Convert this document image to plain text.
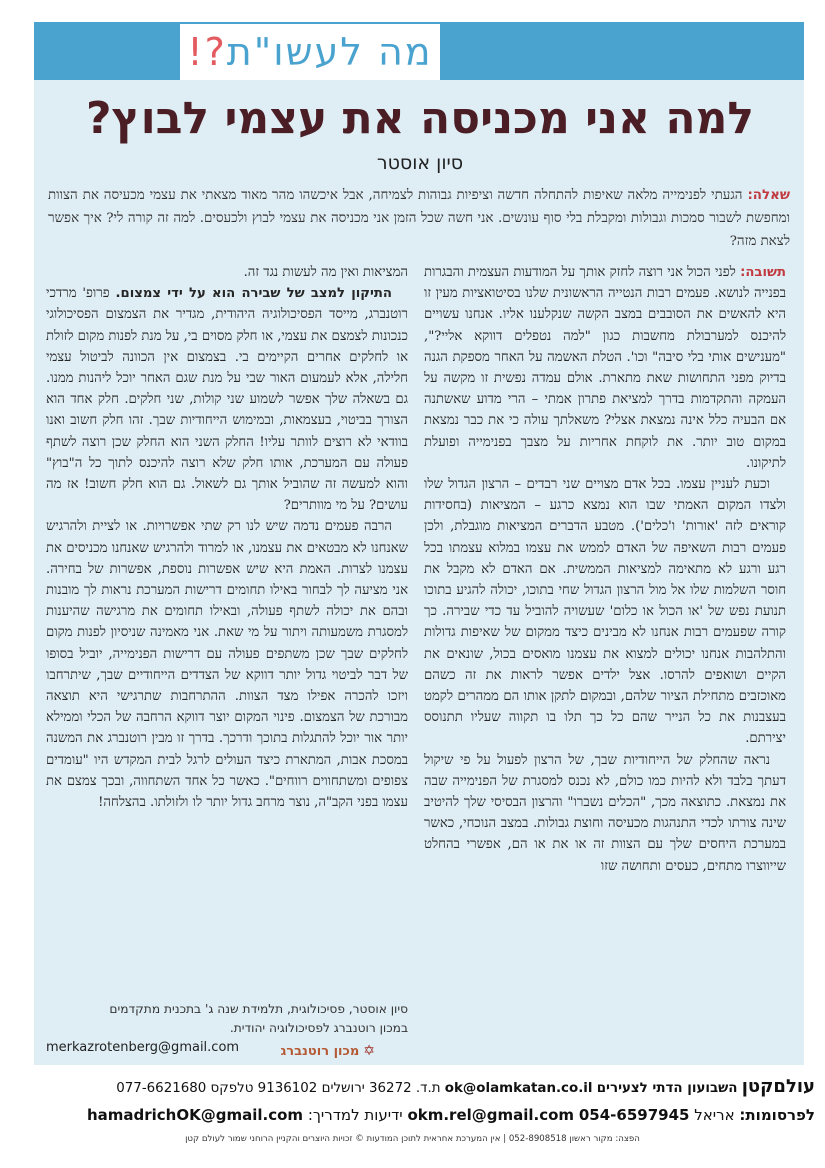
מה לעשו"ת?!
למה אני מכניסה את עצמי לבוץ?
סיון אוסטר
שאלה: הגעתי לפנימייה מלאה שאיפות להתחלה חדשה וציפיות גבוהות לצמיחה, אבל איכשהו מהר מאוד מצאתי את עצמי מכעיסה את הצוות ומחפשת לשבור סמכות וגבולות ומקבלת בלי סוף עונשים. אני חשה שכל הזמן אני מכניסה את עצמי לבוץ ולכעסים. למה זה קורה לי? איך אפשר לצאת מזה?

תשובה: לפני הכול אני רוצה לחזק אותך על המודעות העצמית והבגרות בפנייה לנושא. פעמים רבות הנטייה הראשונית שלנו בסיטואציות מעין זו היא להאשים את הסובבים במצב הקשה שנקלענו אליו. אנחנו עשויים להיכנס למערבולת מחשבות כגון "למה נטפלים דווקא אליי?", "מענישים אותי בלי סיבה" וכו'. הטלת האשמה על האחר מספקת הגנה בדיוק מפני התחושות שאת מתארת. אולם עמדה נפשית זו מקשה על העמקה והתקדמות בדרך למציאת פתרון אמתי – הרי מדוע שאשתנה אם הבעיה כלל אינה נמצאת אצלי? משאלתך עולה כי את כבר נמצאת במקום טוב יותר. את לוקחת אחריות על מצבך בפנימייה ופועלת לתיקונו.

וכעת לעניין עצמו. בכל אדם מצויים שני רבדים – הרצון הגדול שלו ולצדו המקום האמתי שבו הוא נמצא כרגע – המציאות (בחסידות קוראים לזה 'אורות' ו'כלים'). מטבע הדברים המציאות מוגבלת, ולכן פעמים רבות השאיפה של האדם לממש את עצמו במלוא עצמתו בכל רגע ורגע לא מתאימה למציאות הממשית. אם האדם לא מקבל את חוסר השלמות שלו אל מול הרצון הגדול שחי בתוכו, יכולה להגיע בתוכו תנועת נפש של 'או הכול או כלום' שעשויה להוביל עד כדי שבירה. כך קורה שפעמים רבות אנחנו לא מבינים כיצד ממקום של שאיפות גדולות והתלהבות אנחנו יכולים למצוא את עצמנו מואסים בכול, שונאים את הקיים ושואפים להרסו. אצל ילדים אפשר לראות את זה כשהם מאוכזבים מתחילת הציור שלהם, ובמקום לתקן אותו הם ממהרים לקמט בעצבנות את כל הנייר שהם כל כך תלו בו תקווה שעליו תתנוסס יצירתם.

נראה שהחלק של הייחודיות שבך, של הרצון לפעול על פי שיקול דעתך בלבד ולא להיות כמו כולם, לא נכנס למסגרת של הפנימייה שבה את נמצאת. כתוצאה מכך, "הכלים נשברו" והרצון הבסיסי שלך להיטיב שינה צורתו לכדי התנהגות מכעיסה וחוצת גבולות. במצב הנוכחי, כאשר במערכת היחסים שלך עם הצוות זה או את או הם, אפשרי בהחלט שייווצרו מתחים, כעסים ותחושה שזו

המציאות ואין מה לעשות נגד זה.

התיקון למצב של שבירה הוא על ידי צמצום. פרופ' מרדכי רוטנברג, מייסד הפסיכולוגיה היהודית, מגדיר את הצמצום הפסיכולוגי כנכונות לצמצם את עצמי, או חלק מסוים בי, על מנת לפנות מקום לזולת או לחלקים אחרים הקיימים בי. בצמצום אין הכוונה לביטול עצמי חלילה, אלא לעמעום האור שבי על מנת שגם האחר יוכל ליהנות ממנו. גם בשאלה שלך אפשר לשמוע שני קולות, שני חלקים. חלק אחד הוא הצורך בביטוי, בעצמאות, ובמימוש הייחודיות שבך. זהו חלק חשוב ואנו בוודאי לא רוצים לוותר עליו! החלק השני הוא החלק שכן רוצה לשתף פעולה עם המערכת, אותו חלק שלא רוצה להיכנס לתוך כל ה"בוץ" והוא למעשה זה שהוביל אותך גם לשאול. גם הוא חלק חשוב! אז מה עושים? על מי מוותרים?

הרבה פעמים נדמה שיש לנו רק שתי אפשרויות. או לציית ולהרגיש שאנחנו לא מבטאים את עצמנו, או למרוד ולהרגיש שאנחנו מכניסים את עצמנו לצרות. האמת היא שיש אפשרות נוספת, אפשרות של בחירה. אני מציעה לך לבחור באילו תחומים דרישות המערכת נראות לך מובנות ובהם את יכולה לשתף פעולה, ובאילו תחומים את מרגישה שהיענות למסגרת משמעותה ויתור על מי שאת. אני מאמינה שניסיון לפנות מקום לחלקים שבך שכן משתפים פעולה עם דרישות הפנימייה, יוביל בסופו של דבר לביטוי גדול יותר דווקא של הצדדים הייחודיים שבך, שיתרחבו ויזכו להכרה אפילו מצד הצוות. ההתרחבות שתרגישי היא תוצאה מבורכת של הצמצום. פינוי המקום יוצר דווקא הרחבה של הכלי וממילא יותר אור יוכל להתגלות בתוכך ודרכך. בדרך זו מבין רוטנברג את המשנה במסכת אבות, המתארת כיצד העולים לרגל לבית המקדש היו "עומדים צפופים ומשתחווים רווחים". כאשר כל אחד השתחווה, ובכך צמצם את עצמו בפני הקב"ה, נוצר מרחב גדול יותר לו ולזולתו. בהצלחה!

סיון אוסטר, פסיכולוגית, תלמידת שנה ג' בתכנית מתקדמים
במכון רוטנברג לפסיכולוגיה יהודית.
merkazrotenberg@gmail.com	✡
מכון רוטנברג
עולםקטן השבועון הדתי לצעירים ok@olamkatan.co.il ת.ד. 36272 ירושלים 9136102 טלפקס 077-6621680
לפרסומות: אריאל okm.rel@gmail.com 054-6597945 ידיעות למדריך: hamadrichOK@gmail.com
הפצה: מקור ראשון 052-8908518 | אין המערכת אחראית לתוכן המודעות © זכויות היוצרים והקניין הרוחני שמור לעולם קטן
